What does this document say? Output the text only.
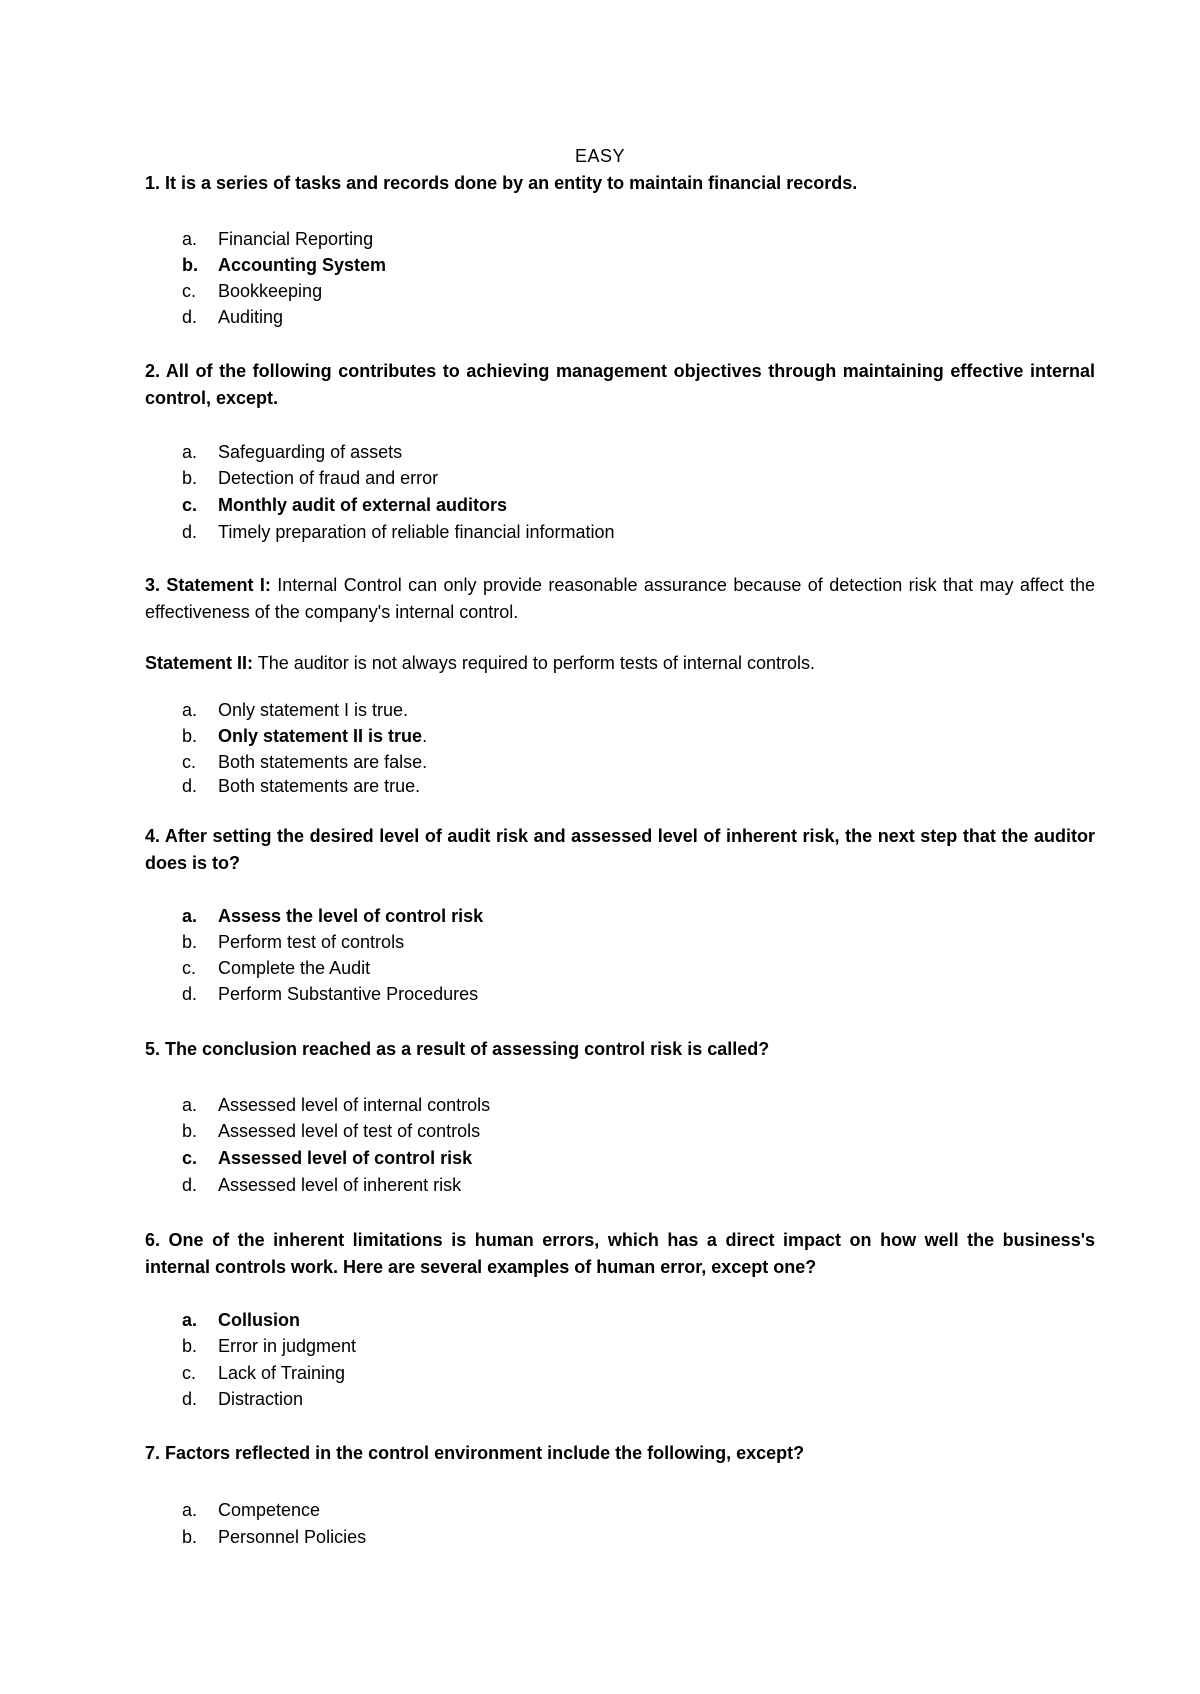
EASY
1. It is a series of tasks and records done by an entity to maintain financial records.
a. Financial Reporting
b. Accounting System
c. Bookkeeping
d. Auditing
2. All of the following contributes to achieving management objectives through maintaining effective internal control, except.
a. Safeguarding of assets
b. Detection of fraud and error
c. Monthly audit of external auditors
d. Timely preparation of reliable financial information
3. Statement I: Internal Control can only provide reasonable assurance because of detection risk that may affect the effectiveness of the company's internal control.
Statement II: The auditor is not always required to perform tests of internal controls.
a. Only statement I is true.
b. Only statement II is true.
c. Both statements are false.
d. Both statements are true.
4. After setting the desired level of audit risk and assessed level of inherent risk, the next step that the auditor does is to?
a. Assess the level of control risk
b. Perform test of controls
c. Complete the Audit
d. Perform Substantive Procedures
5. The conclusion reached as a result of assessing control risk is called?
a. Assessed level of internal controls
b. Assessed level of test of controls
c. Assessed level of control risk
d. Assessed level of inherent risk
6. One of the inherent limitations is human errors, which has a direct impact on how well the business's internal controls work. Here are several examples of human error, except one?
a. Collusion
b. Error in judgment
c. Lack of Training
d. Distraction
7. Factors reflected in the control environment include the following, except?
a. Competence
b. Personnel Policies
